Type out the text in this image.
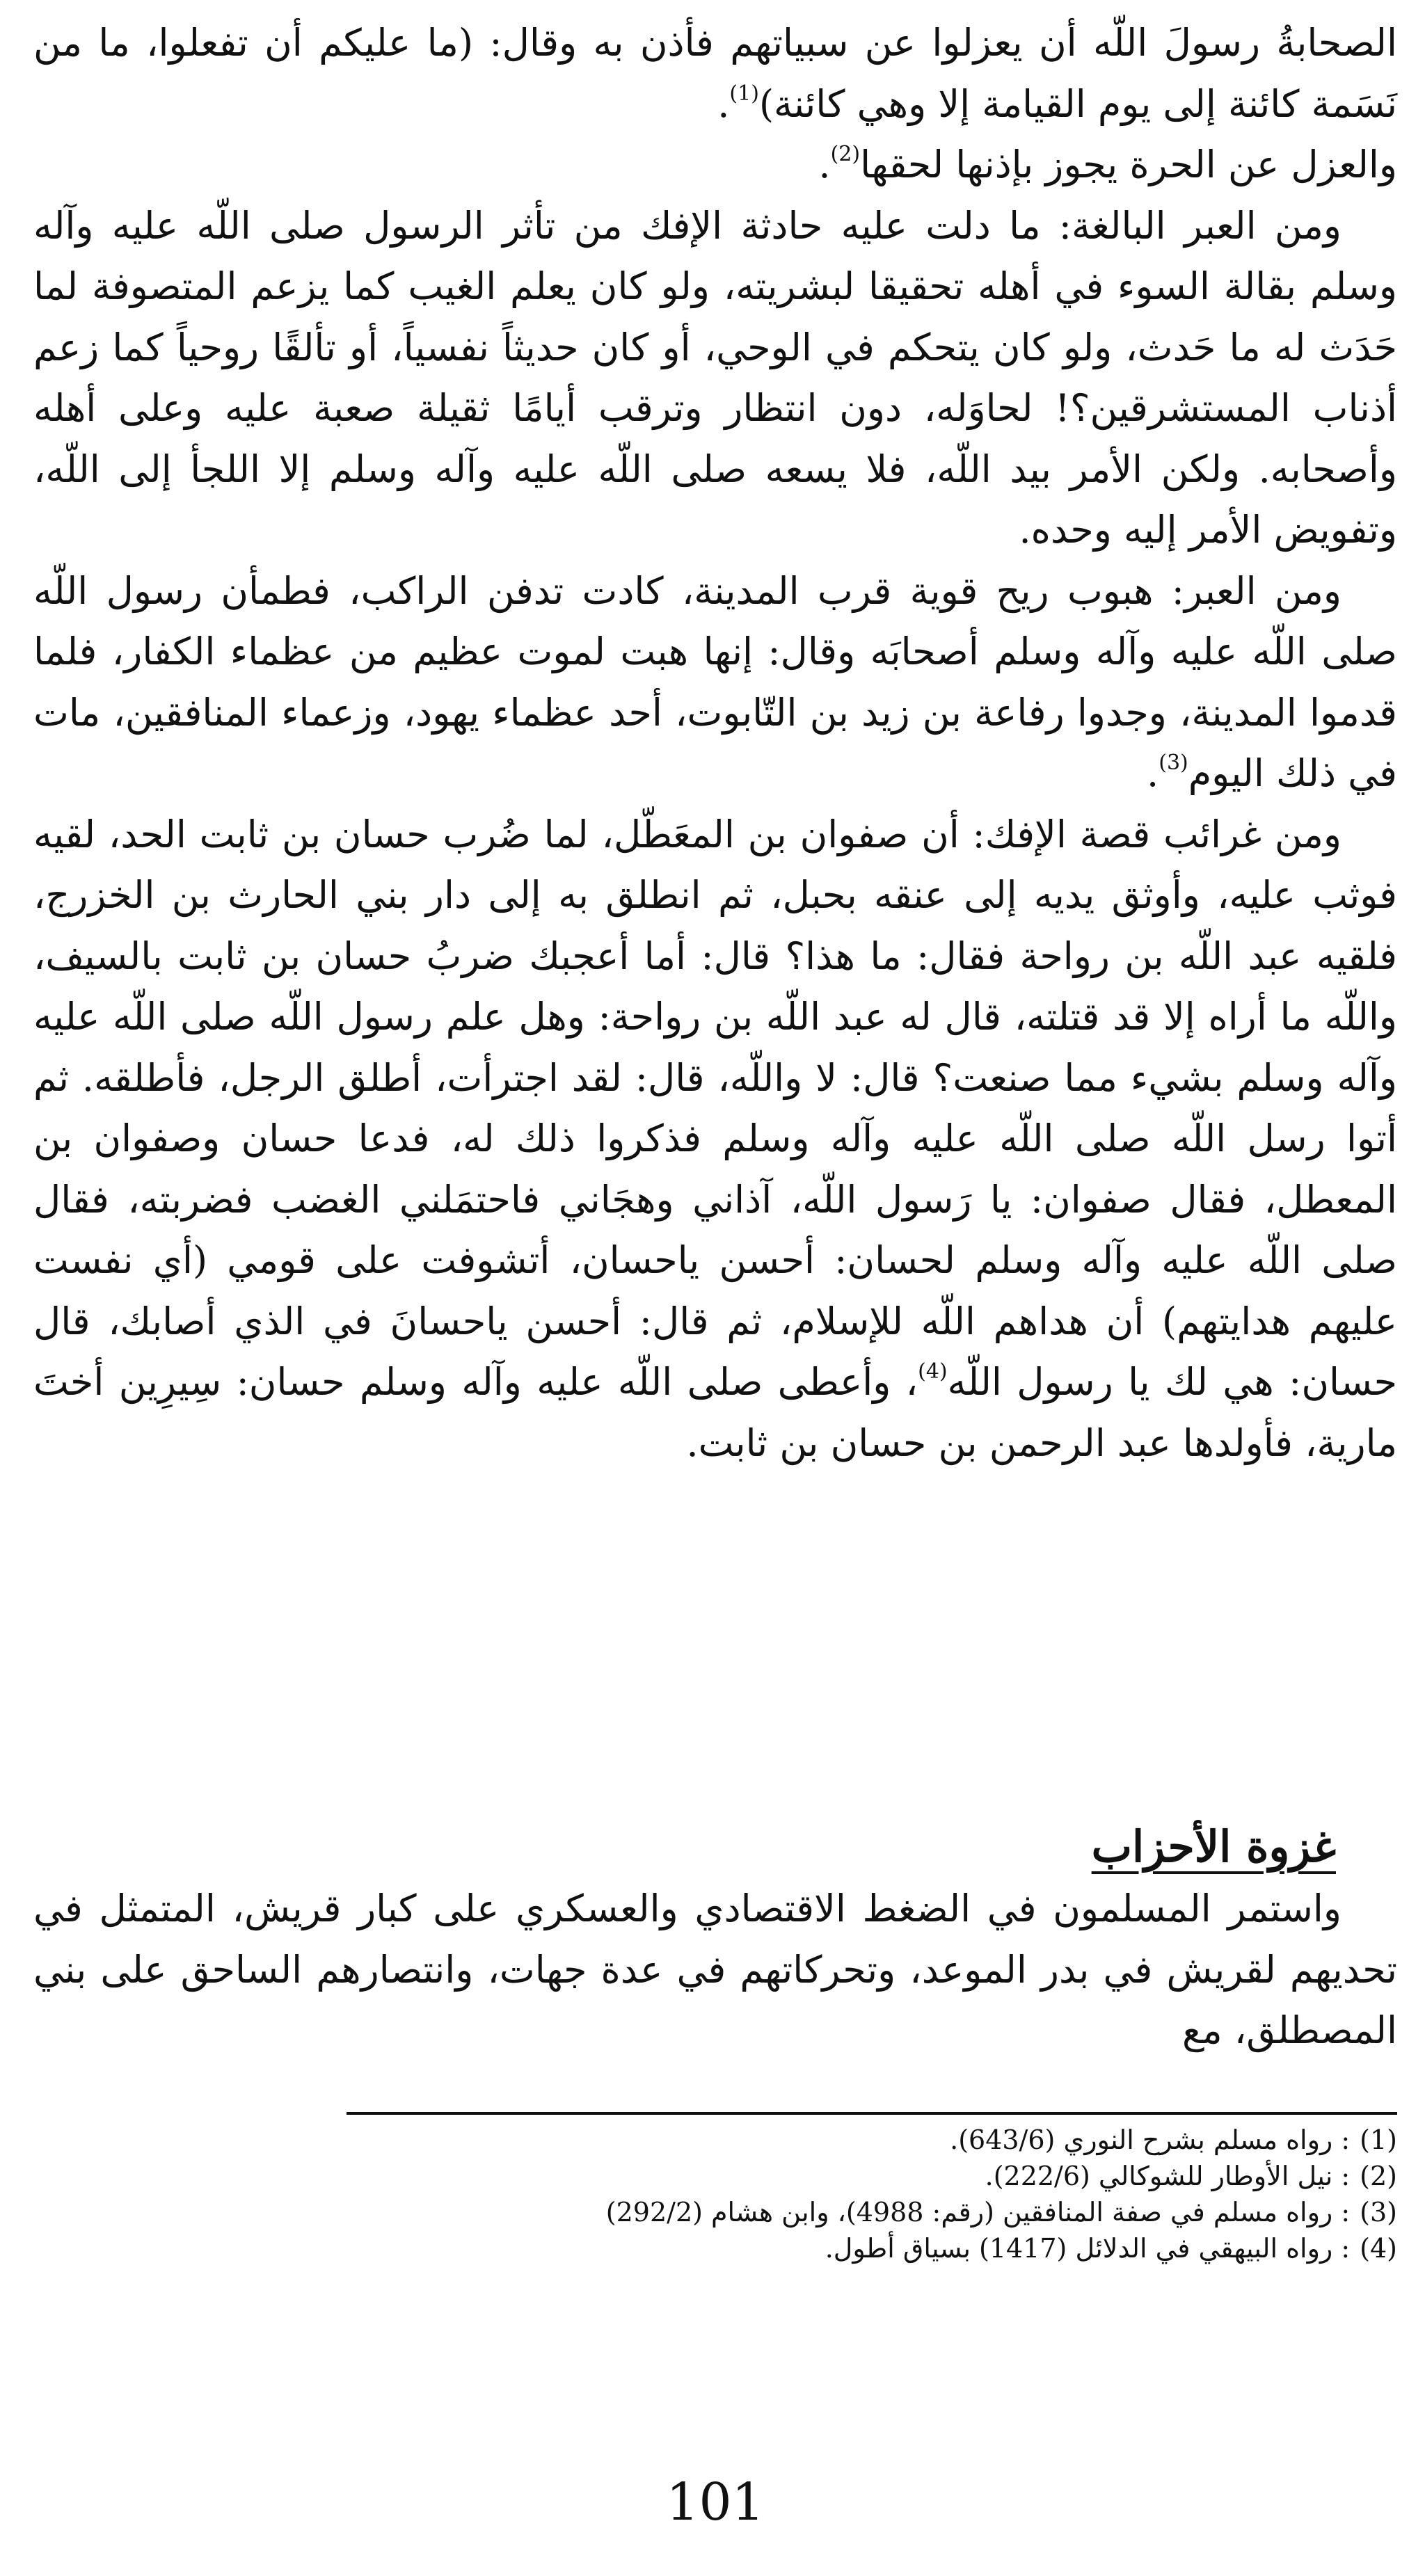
الصحابةُ رسولَ اللّه أن يعزلوا عن سبياتهم فأذن به وقال: (ما عليكم أن تفعلوا، ما من نَسَمة كائنة إلى يوم القيامة إلا وهي كائنة)$^{(1)}$.

والعزل عن الحرة يجوز بإذنها لحقها$^{(2)}$.

ومن العبر البالغة: ما دلت عليه حادثة الإفك من تأثر الرسول صلى اللّه عليه وآله وسلم بقالة السوء في أهله تحقيقا لبشريته، ولو كان يعلم الغيب كما يزعم المتصوفة لما حَدَث له ما حَدث، ولو كان يتحكم في الوحي، أو كان حديثاً نفسياً، أو تألقًا روحياً كما زعم أذناب المستشرقين؟! لحاوَله، دون انتظار وترقب أيامًا ثقيلة صعبة عليه وعلى أهله وأصحابه. ولكن الأمر بيد اللّه، فلا يسعه صلى اللّه عليه وآله وسلم إلا اللجأ إلى اللّه، وتفويض الأمر إليه وحده.

ومن العبر: هبوب ريح قوية قرب المدينة، كادت تدفن الراكب، فطمأن رسول اللّه صلى اللّه عليه وآله وسلم أصحابَه وقال: إنها هبت لموت عظيم من عظماء الكفار، فلما قدموا المدينة، وجدوا رفاعة بن زيد بن التّابوت، أحد عظماء يهود، وزعماء المنافقين، مات في ذلك اليوم$^{(3)}$.

ومن غرائب قصة الإفك: أن صفوان بن المعَطّل، لما ضُرب حسان بن ثابت الحد، لقيه فوثب عليه، وأوثق يديه إلى عنقه بحبل، ثم انطلق به إلى دار بني الحارث بن الخزرج، فلقيه عبد اللّه بن رواحة فقال: ما هذا؟ قال: أما أعجبك ضربُ حسان بن ثابت بالسيف، واللّه ما أراه إلا قد قتلته، قال له عبد اللّه بن رواحة: وهل علم رسول اللّه صلى اللّه عليه وآله وسلم بشيء مما صنعت؟ قال: لا واللّه، قال: لقد اجترأت، أطلق الرجل، فأطلقه. ثم أتوا رسل اللّه صلى اللّه عليه وآله وسلم فذكروا ذلك له، فدعا حسان وصفوان بن المعطل، فقال صفوان: يا رَسول اللّه، آذاني وهجَاني فاحتمَلني الغضب فضربته، فقال صلى اللّه عليه وآله وسلم لحسان: أحسن ياحسان، أتشوفت على قومي (أي نفست عليهم هدايتهم) أن هداهم اللّه للإسلام، ثم قال: أحسن ياحسانَ في الذي أصابك، قال حسان: هي لك يا رسول اللّه$^{(4)}$، وأعطى صلى اللّه عليه وآله وسلم حسان: سِيرِين أختَ مارية، فأولدها عبد الرحمن بن حسان بن ثابت.

غزوة الأحزاب

واستمر المسلمون في الضغط الاقتصادي والعسكري على كبار قريش، المتمثل في تحديهم لقريش في بدر الموعد، وتحركاتهم في عدة جهات، وانتصارهم الساحق على بني المصطلق، مع

(1): رواه مسلم بشرح النوري (643/6).
(2): نيل الأوطار للشوكالي (222/6).
(3): رواه مسلم في صفة المنافقين (رقم: 4988)، وابن هشام (292/2)
(4): رواه البيهقي في الدلائل (1417) بسياق أطول.
101
